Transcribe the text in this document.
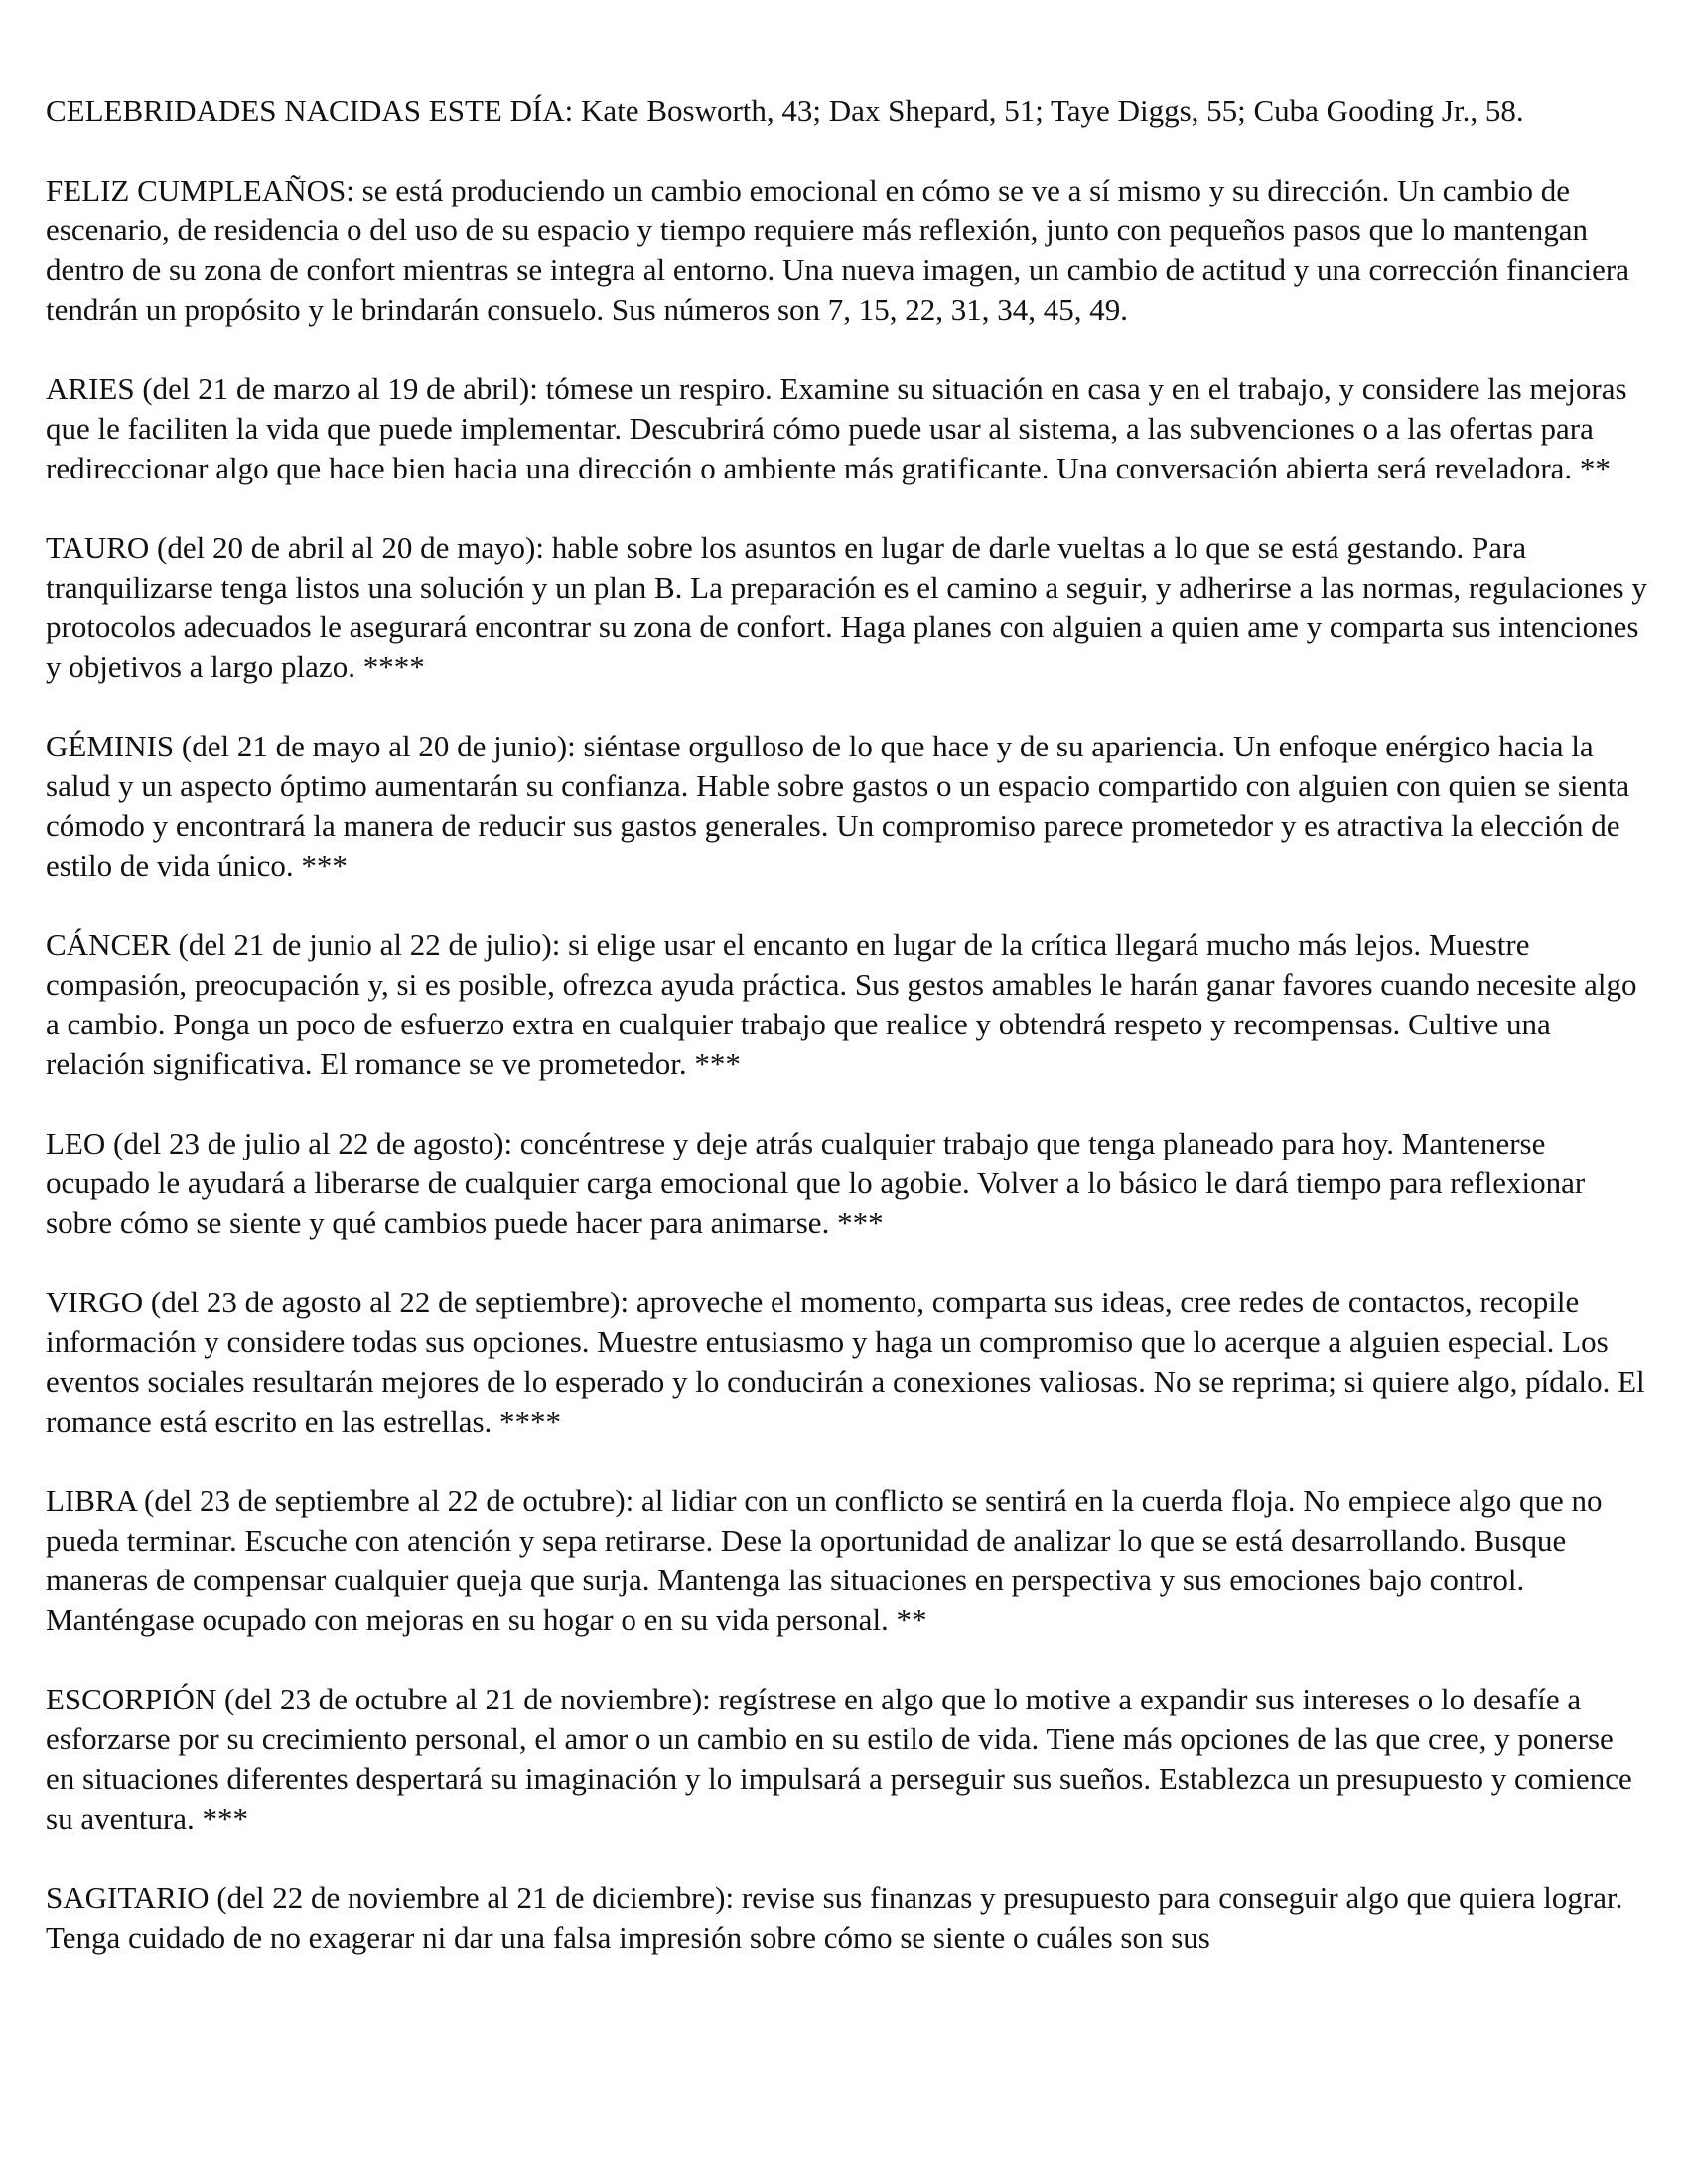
CELEBRIDADES NACIDAS ESTE DÍA: Kate Bosworth, 43; Dax Shepard, 51; Taye Diggs, 55; Cuba Gooding Jr., 58.

FELIZ CUMPLEAÑOS: se está produciendo un cambio emocional en cómo se ve a sí mismo y su dirección. Un cambio de escenario, de residencia o del uso de su espacio y tiempo requiere más reflexión, junto con pequeños pasos que lo mantengan dentro de su zona de confort mientras se integra al entorno. Una nueva imagen, un cambio de actitud y una corrección financiera tendrán un propósito y le brindarán consuelo. Sus números son 7, 15, 22, 31, 34, 45, 49.

ARIES (del 21 de marzo al 19 de abril): tómese un respiro. Examine su situación en casa y en el trabajo, y considere las mejoras que le faciliten la vida que puede implementar. Descubrirá cómo puede usar al sistema, a las subvenciones o a las ofertas para redireccionar algo que hace bien hacia una dirección o ambiente más gratificante. Una conversación abierta será reveladora. **

TAURO (del 20 de abril al 20 de mayo): hable sobre los asuntos en lugar de darle vueltas a lo que se está gestando. Para tranquilizarse tenga listos una solución y un plan B. La preparación es el camino a seguir, y adherirse a las normas, regulaciones y protocolos adecuados le asegurará encontrar su zona de confort. Haga planes con alguien a quien ame y comparta sus intenciones y objetivos a largo plazo. ****

GÉMINIS (del 21 de mayo al 20 de junio): siéntase orgulloso de lo que hace y de su apariencia. Un enfoque enérgico hacia la salud y un aspecto óptimo aumentarán su confianza. Hable sobre gastos o un espacio compartido con alguien con quien se sienta cómodo y encontrará la manera de reducir sus gastos generales. Un compromiso parece prometedor y es atractiva la elección de estilo de vida único. ***

CÁNCER (del 21 de junio al 22 de julio): si elige usar el encanto en lugar de la crítica llegará mucho más lejos. Muestre compasión, preocupación y, si es posible, ofrezca ayuda práctica. Sus gestos amables le harán ganar favores cuando necesite algo a cambio. Ponga un poco de esfuerzo extra en cualquier trabajo que realice y obtendrá respeto y recompensas. Cultive una relación significativa. El romance se ve prometedor. ***

LEO (del 23 de julio al 22 de agosto): concéntrese y deje atrás cualquier trabajo que tenga planeado para hoy. Mantenerse ocupado le ayudará a liberarse de cualquier carga emocional que lo agobie. Volver a lo básico le dará tiempo para reflexionar sobre cómo se siente y qué cambios puede hacer para animarse. ***

VIRGO (del 23 de agosto al 22 de septiembre): aproveche el momento, comparta sus ideas, cree redes de contactos, recopile información y considere todas sus opciones. Muestre entusiasmo y haga un compromiso que lo acerque a alguien especial. Los eventos sociales resultarán mejores de lo esperado y lo conducirán a conexiones valiosas. No se reprima; si quiere algo, pídalo. El romance está escrito en las estrellas. ****

LIBRA (del 23 de septiembre al 22 de octubre): al lidiar con un conflicto se sentirá en la cuerda floja. No empiece algo que no pueda terminar. Escuche con atención y sepa retirarse. Dese la oportunidad de analizar lo que se está desarrollando. Busque maneras de compensar cualquier queja que surja. Mantenga las situaciones en perspectiva y sus emociones bajo control. Manténgase ocupado con mejoras en su hogar o en su vida personal. **

ESCORPIÓN (del 23 de octubre al 21 de noviembre): regístrese en algo que lo motive a expandir sus intereses o lo desafíe a esforzarse por su crecimiento personal, el amor o un cambio en su estilo de vida. Tiene más opciones de las que cree, y ponerse en situaciones diferentes despertará su imaginación y lo impulsará a perseguir sus sueños. Establezca un presupuesto y comience su aventura. ***

SAGITARIO (del 22 de noviembre al 21 de diciembre): revise sus finanzas y presupuesto para conseguir algo que quiera lograr. Tenga cuidado de no exagerar ni dar una falsa impresión sobre cómo se siente o cuáles son sus
